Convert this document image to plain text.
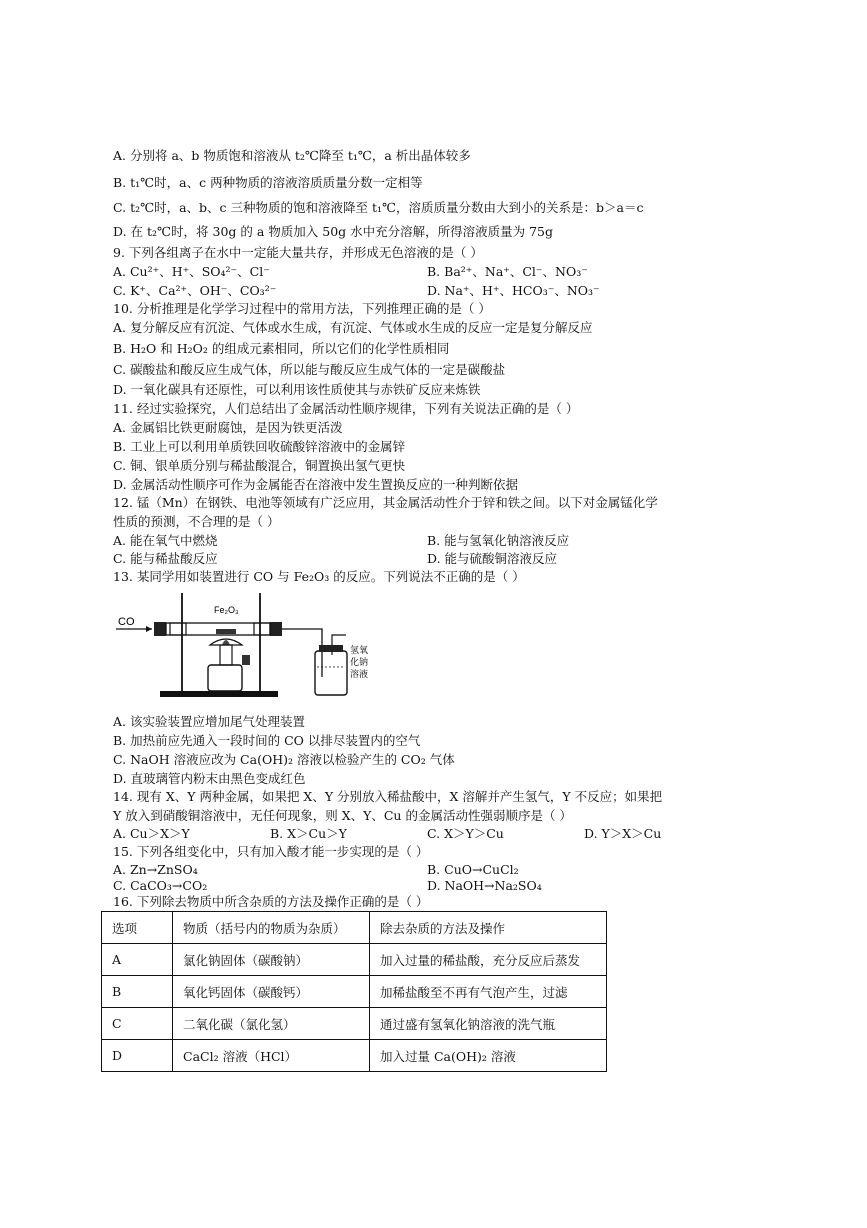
A. 分别将 a、b 物质饱和溶液从 t₂℃降至 t₁℃，a 析出晶体较多
B. t₁℃时，a、c 两种物质的溶液溶质质量分数一定相等
C. t₂℃时，a、b、c 三种物质的饱和溶液降至 t₁℃，溶质质量分数由大到小的关系是：b＞a＝c
D. 在 t₂℃时，将 30g 的 a 物质加入 50g 水中充分溶解，所得溶液质量为 75g
9. 下列各组离子在水中一定能大量共存，并形成无色溶液的是（ ）
A. Cu²⁺、H⁺、SO₄²⁻、Cl⁻	B. Ba²⁺、Na⁺、Cl⁻、NO₃⁻
C. K⁺、Ca²⁺、OH⁻、CO₃²⁻	D. Na⁺、H⁺、HCO₃⁻、NO₃⁻
10. 分析推理是化学学习过程中的常用方法，下列推理正确的是（ ）
A. 复分解反应有沉淀、气体或水生成，有沉淀、气体或水生成的反应一定是复分解反应
B. H₂O 和 H₂O₂ 的组成元素相同，所以它们的化学性质相同
C. 碳酸盐和酸反应生成气体，所以能与酸反应生成气体的一定是碳酸盐
D. 一氧化碳具有还原性，可以利用该性质使其与赤铁矿反应来炼铁
11. 经过实验探究，人们总结出了金属活动性顺序规律，下列有关说法正确的是（ ）
A. 金属铝比铁更耐腐蚀，是因为铁更活泼
B. 工业上可以利用单质铁回收硫酸锌溶液中的金属锌
C. 铜、银单质分别与稀盐酸混合，铜置换出氢气更快
D. 金属活动性顺序可作为金属能否在溶液中发生置换反应的一种判断依据
12. 锰（Mn）在钢铁、电池等领域有广泛应用，其金属活动性介于锌和铁之间。以下对金属锰化学
性质的预测，不合理的是（ ）
A. 能在氧气中燃烧	B. 能与氢氧化钠溶液反应
C. 能与稀盐酸反应	D. 能与硫酸铜溶液反应
13. 某同学用如装置进行 CO 与 Fe₂O₃ 的反应。下列说法不正确的是（ ）
CO
Fe₂O₃
氢氧
化钠
溶液
A. 该实验装置应增加尾气处理装置
B. 加热前应先通入一段时间的 CO 以排尽装置内的空气
C. NaOH 溶液应改为 Ca(OH)₂ 溶液以检验产生的 CO₂ 气体
D. 直玻璃管内粉末由黑色变成红色
14. 现有 X、Y 两种金属，如果把 X、Y 分别放入稀盐酸中，X 溶解并产生氢气，Y 不反应；如果把
Y 放入到硝酸铜溶液中，无任何现象，则 X、Y、Cu 的金属活动性强弱顺序是（ ）
A. Cu＞X＞Y	B. X＞Cu＞Y	C. X＞Y＞Cu	D. Y＞X＞Cu
15. 下列各组变化中，只有加入酸才能一步实现的是（ ）
A. Zn→ZnSO₄	B. CuO→CuCl₂
C. CaCO₃→CO₂	D. NaOH→Na₂SO₄
16. 下列除去物质中所含杂质的方法及操作正确的是（ ）
选项	物质（括号内的物质为杂质）	除去杂质的方法及操作
A	氯化钠固体（碳酸钠）	加入过量的稀盐酸，充分反应后蒸发
B	氧化钙固体（碳酸钙）	加稀盐酸至不再有气泡产生，过滤
C	二氧化碳（氯化氢）	通过盛有氢氧化钠溶液的洗气瓶
D	CaCl₂ 溶液（HCl）	加入过量 Ca(OH)₂ 溶液
